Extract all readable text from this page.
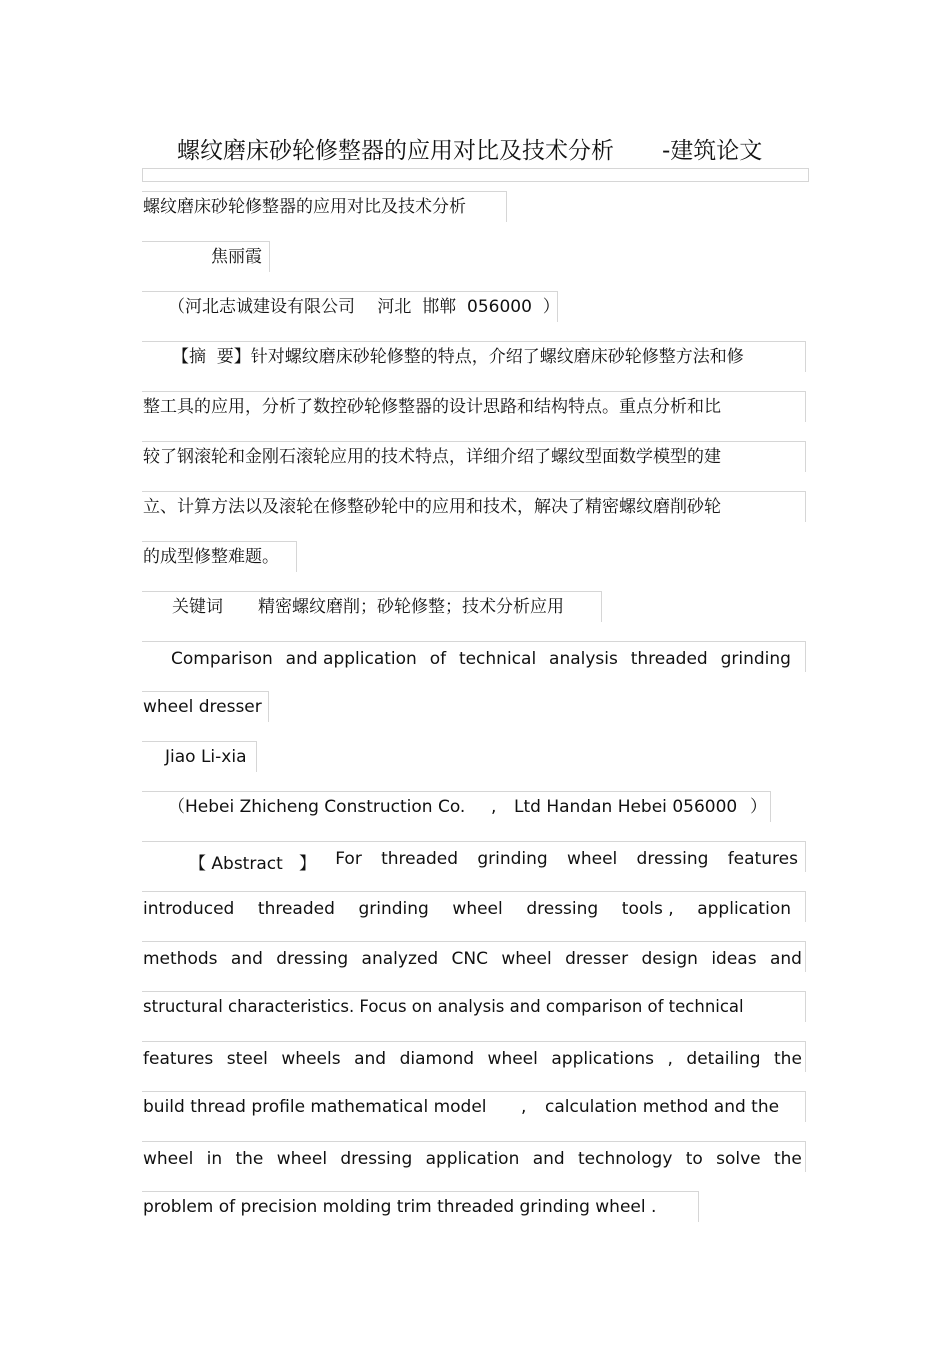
螺纹磨床砂轮修整器的应用对比及技术分析 -建筑论文
螺纹磨床砂轮修整器的应用对比及技术分析
焦丽霞
（河北志诚建设有限公司　 河北  邯郸  056000  ）
【摘  要】针对螺纹磨床砂轮修整的特点，介绍了螺纹磨床砂轮修整方法和修
整工具的应用，分析了数控砂轮修整器的设计思路和结构特点。重点分析和比
较了钢滚轮和金刚石滚轮应用的技术特点，详细介绍了螺纹型面数学模型的建
立、计算方法以及滚轮在修整砂轮中的应用和技术，解决了精密螺纹磨削砂轮
的成型修整难题。
关键词 精密螺纹磨削；砂轮修整；技术分析应用
Comparison and application of technical analysis threaded grinding
wheel dresser
Jiao Li-xia
（Hebei Zhicheng Construction Co. , Ltd Handan Hebei 056000 ）
【 Abstract   】 For threaded grinding wheel dressing features
introduced threaded grinding wheel dressing tools , application
methods and dressing analyzed CNC wheel dresser design ideas and
structural characteristics. Focus on analysis and comparison of technical
features steel wheels and diamond wheel applications , detailing the
build thread profile mathematical model , calculation method and the
wheel in the wheel dressing application and technology to solve the
problem of precision molding trim threaded grinding wheel .
